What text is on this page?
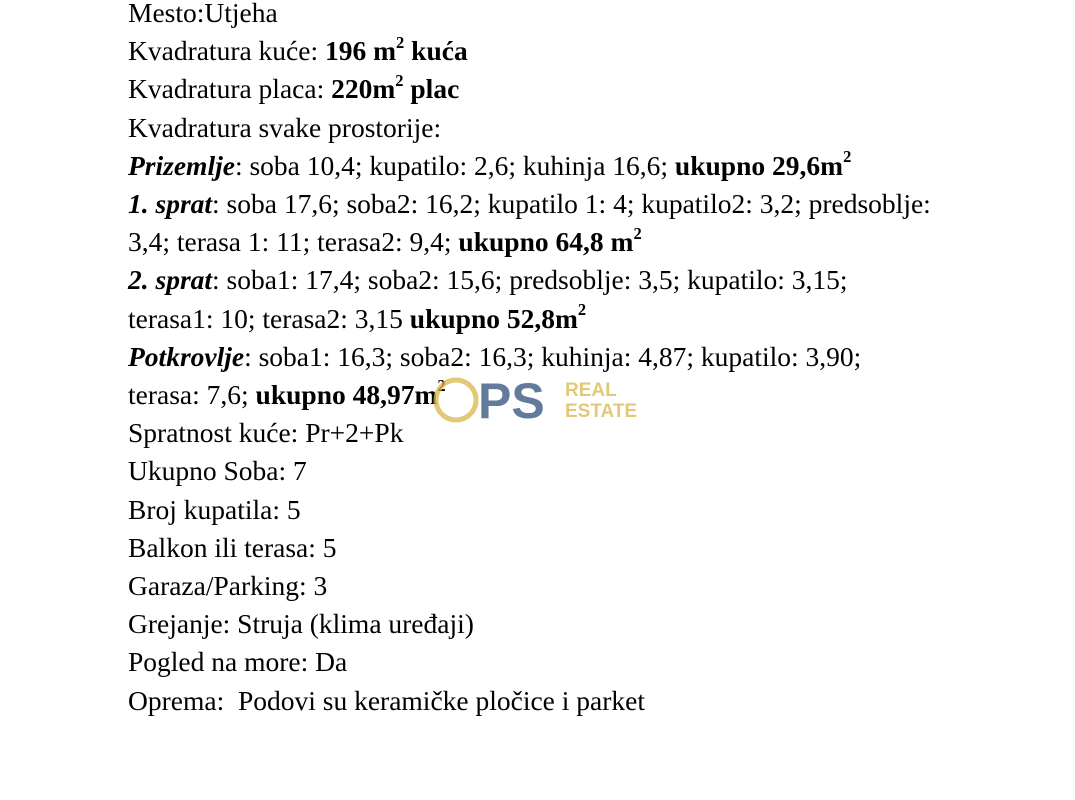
Mesto:Utjeha
Kvadratura kuće: 196 $m^2$ kuća
Kvadratura placa: $220m^2$ plac
Kvadratura svake prostorije:
Prizemlje: soba 10,4; kupatilo: 2,6; kuhinja 16,6; ukupno $29,6m^2$
1. sprat: soba 17,6; soba2: 16,2; kupatilo 1: 4; kupatilo2: 3,2; predsoblje: 3,4; terasa 1: 11; terasa2: 9,4; ukupno 64,8 $m^2$
2. sprat: soba1: 17,4; soba2: 15,6; predsoblje: 3,5; kupatilo: 3,15; terasa1: 10; terasa2: 3,15 ukupno $52,8m^2$
Potkrovlje: soba1: 16,3; soba2: 16,3; kuhinja: 4,87; kupatilo: 3,90; terasa: 7,6; ukupno $48,97m^2$
Spratnost kuće: Pr+2+Pk
Ukupno Soba: 7
Broj kupatila: 5
Balkon ili terasa: 5
Garaza/Parking: 3
Grejanje: Struja (klima uređaji)
Pogled na more: Da
Oprema:  Podovi su keramičke pločice i parket
PS REAL
ESTATE
